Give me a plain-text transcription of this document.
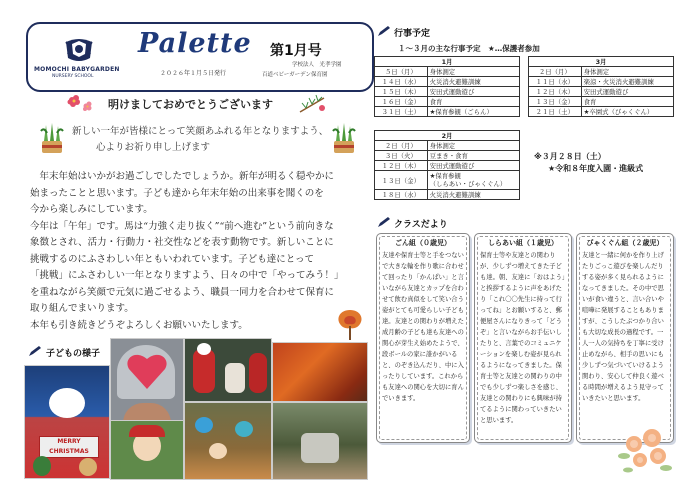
MOMOCHI BABYGARDEN
NURSERY SCHOOL
Palette
２０２６年１月５日発行
第1月号
学校法人　光孝学園
百道ベビーガーデン保育園
明けましておめでとうございます
新しい一年が皆様にとって笑顔あふれる年となりますよう、
心よりお祈り申し上げます

　年末年始はいかがお過ごしでしたでしょうか。新年が明るく穏やかに

始まったことと思います。子ども達から年末年始の出来事を聞くのを

今から楽しみにしています。

今年は「午年」です。馬は“力強く走り抜く”“前へ進む”という前向きな

象徴とされ、活力・行動力・社交性などを表す動物です。新しいことに

挑戦するのにふさわしい年ともいわれています。子ども達にとって

「挑戦」にふさわしい一年となりますよう、日々の中で「やってみう！」

を重ねながら笑顔で元気に過ごせるよう、職員一同力を合わせて保育に

取り組んでまいります。

本年も引き続きどうぞよろしくお願いいたします。

子どもの様子
MERRY CHRISTMAS
行事予定
１～３月の主な行事予定　★…保護者参加
1月	
５日（月）	身体測定
１４日（水）	火災消火避難訓練
１５日（木）	安田式運動遊び
１６日（金）	食育
３１日（土）	★保育参観（ごらん）
3月	
２日（月）	身体測定
１１日（水）	楽涼・火災消火避難訓練
１２日（木）	安田式運動遊び
１３日（金）	食育
２１日（土）	★卒園式（びゃくぐん）
2月	
２日（月）	身体測定
３日（火）	豆まき・食育
１２日（木）	安田式運動遊び
１３日（金）	★保育参観
（しらあい・びゃくぐん）
１８日（水）	火災消火避難訓練
※３月２８日（土）
★令和８年度入園・進級式
クラスだより
ごん組（０歳児）
友達や保育士等と手をつないで大きな輪を作り歌に合わせて回ったり「かんぱい」と言いながら友達とカップを合わせて飲む真似をして笑い合う姿がとても可愛らしい子ども達。友達との関わりが増えた成月齢の子ども達も友達への関心が芽生え始めたようで、段ボールの家に誰かがいると、のぞき込んだり、中に入ったりしています。これからも友達への関心を大切に育んでいきます。
しらあい組（１歳児）
保育士等や友達との関わりが、少しずつ増えてきた子ども達。朝、友達に「おはよう」と挨拶するように声をあげたり「これ〇〇先生に持って行ってね」とお願いすると、郵便屋さんになりきって「どうぞ」と言いながらお手伝いしたりと、言葉でのコミュニケーションを楽しむ姿が見られるようになってきました。保育士等と友達との関わりの中でも少しずつ楽しさを感じ、友達との関わりにも興味が持てるように関わっていきたいと思います。
びゃくぐん組（２歳児）
友達と一緒に何かを作り上げたりごっこ遊びを楽しんだりする姿が多く見られるようになってきました。その中で思いが食い違うと、言い合いや喧嘩に発展することもありますが、こうしたぶつかり合いも大切な成長の過程です。一人一人の気持ちを丁寧に受け止めながら、相手の思いにも少しずつ気づいていけるよう関わり、安心して仲良く遊べる時間が増えるよう見守っていきたいと思います。
